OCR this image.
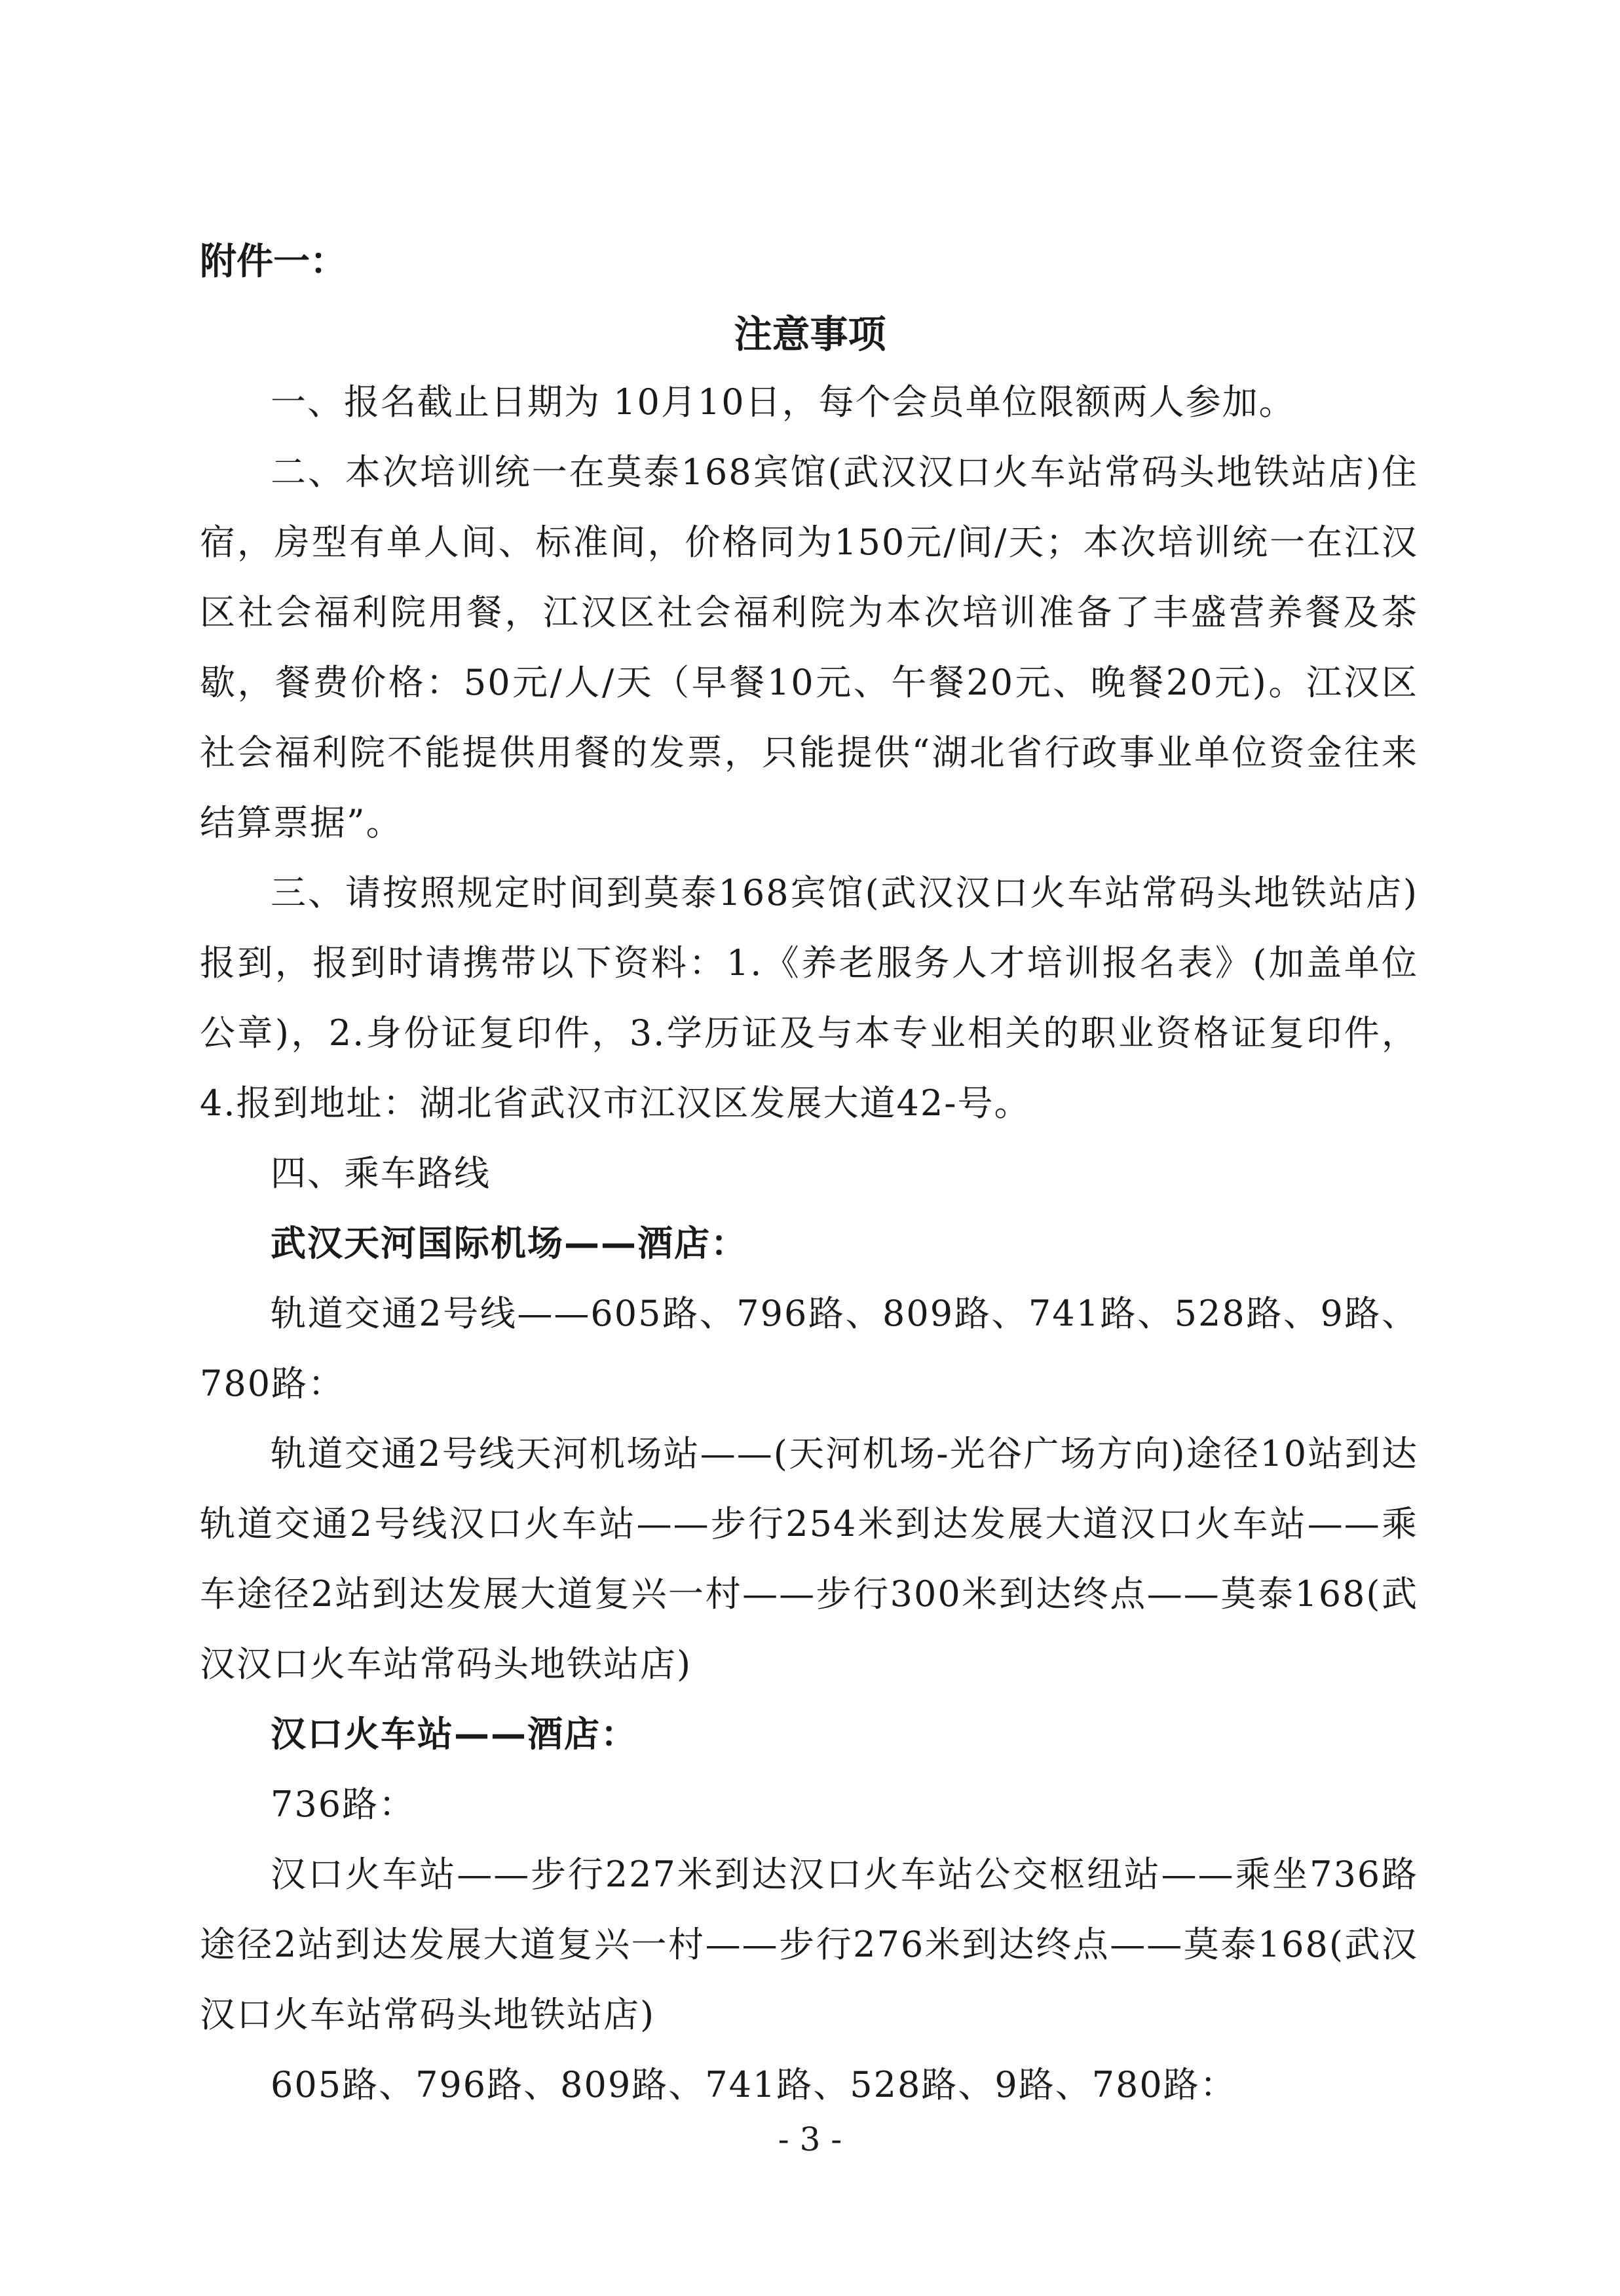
附件一：
注意事项

一、报名截止日期为 10月10日，每个会员单位限额两人参加。

二、本次培训统一在莫泰168宾馆(武汉汉口火车站常码头地铁站店)住宿，房型有单人间、标准间，价格同为150元/间/天；本次培训统一在江汉区社会福利院用餐，江汉区社会福利院为本次培训准备了丰盛营养餐及茶歇，餐费价格：50元/人/天（早餐10元、午餐20元、晚餐20元)。江汉区社会福利院不能提供用餐的发票，只能提供“湖北省行政事业单位资金往来结算票据”。

三、请按照规定时间到莫泰168宾馆(武汉汉口火车站常码头地铁站店)报到，报到时请携带以下资料：1.《养老服务人才培训报名表》(加盖单位公章)，2.身份证复印件，3.学历证及与本专业相关的职业资格证复印件，4.报到地址：湖北省武汉市江汉区发展大道42-号。

四、乘车路线

武汉天河国际机场——酒店：

轨道交通2号线——605路、796路、809路、741路、528路、9路、780路：

轨道交通2号线天河机场站——(天河机场-光谷广场方向)途径10站到达轨道交通2号线汉口火车站——步行254米到达发展大道汉口火车站——乘车途径2站到达发展大道复兴一村——步行300米到达终点——莫泰168(武汉汉口火车站常码头地铁站店)

汉口火车站——酒店：

736路：

汉口火车站——步行227米到达汉口火车站公交枢纽站——乘坐736路途径2站到达发展大道复兴一村——步行276米到达终点——莫泰168(武汉汉口火车站常码头地铁站店)

605路、796路、809路、741路、528路、9路、780路：

- 3 -
